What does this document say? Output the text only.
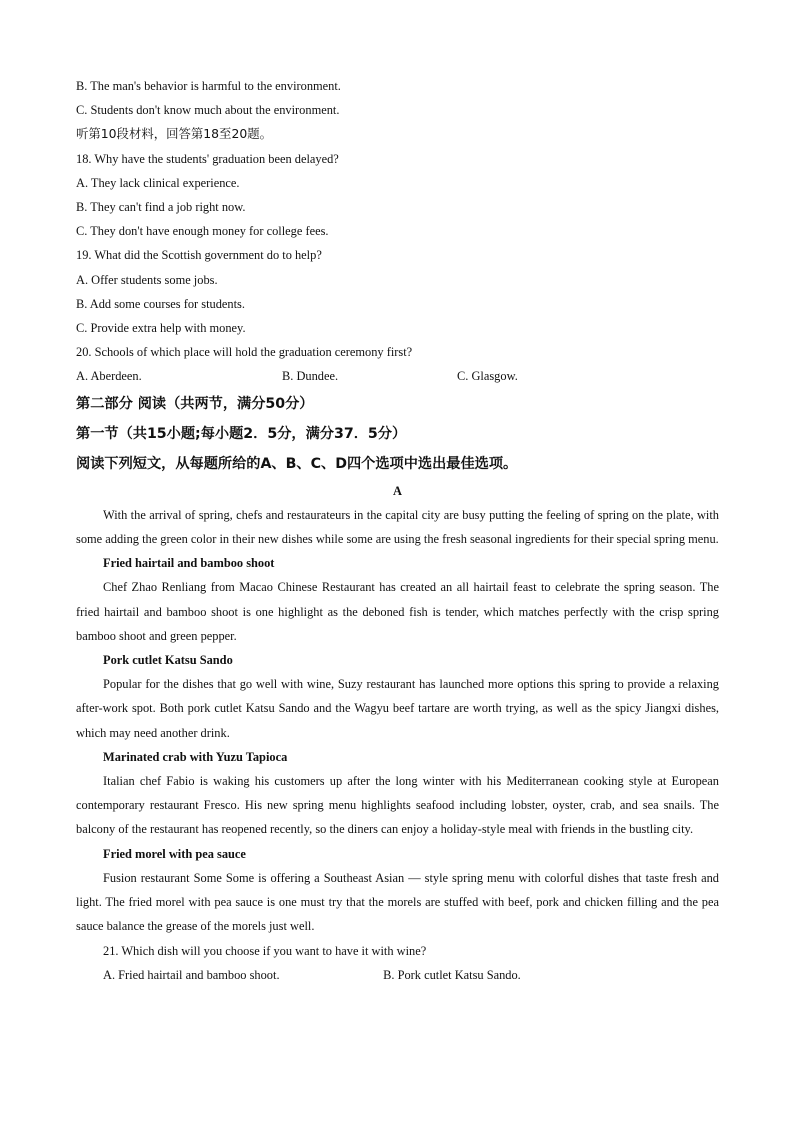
B. The man's behavior is harmful to the environment.
C. Students don't know much about the environment.
听第10段材料，回答第18至20题。
18. Why have the students' graduation been delayed?
A. They lack clinical experience.
B. They can't find a job right now.
C. They don't have enough money for college fees.
19. What did the Scottish government do to help?
A. Offer students some jobs.
B. Add some courses for students.
C. Provide extra help with money.
20. Schools of which place will hold the graduation ceremony first?
A. Aberdeen.	B. Dundee.	C. Glasgow.
第二部分 阅读（共两节，满分50分）
第一节（共15小题;每小题2．5分，满分37．5分）
阅读下列短文，从每题所给的A、B、C、D四个选项中选出最佳选项。
A
With the arrival of spring, chefs and restaurateurs in the capital city are busy putting the feeling of spring on the plate, with some adding the green color in their new dishes while some are using the fresh seasonal ingredients for their special spring menu.
Fried hairtail and bamboo shoot
Chef Zhao Renliang from Macao Chinese Restaurant has created an all hairtail feast to celebrate the spring season. The fried hairtail and bamboo shoot is one highlight as the deboned fish is tender, which matches perfectly with the crisp spring bamboo shoot and green pepper.
Pork cutlet Katsu Sando
Popular for the dishes that go well with wine, Suzy restaurant has launched more options this spring to provide a relaxing after-work spot. Both pork cutlet Katsu Sando and the Wagyu beef tartare are worth trying, as well as the spicy Jiangxi dishes, which may need another drink.
Marinated crab with Yuzu Tapioca
Italian chef Fabio is waking his customers up after the long winter with his Mediterranean cooking style at European contemporary restaurant Fresco. His new spring menu highlights seafood including lobster, oyster, crab, and sea snails. The balcony of the restaurant has reopened recently, so the diners can enjoy a holiday-style meal with friends in the bustling city.
Fried morel with pea sauce
Fusion restaurant Some Some is offering a Southeast Asian — style spring menu with colorful dishes that taste fresh and light. The fried morel with pea sauce is one must try that the morels are stuffed with beef, pork and chicken filling and the pea sauce balance the grease of the morels just well.
21. Which dish will you choose if you want to have it with wine?
A. Fried hairtail and bamboo shoot.	B. Pork cutlet Katsu Sando.
